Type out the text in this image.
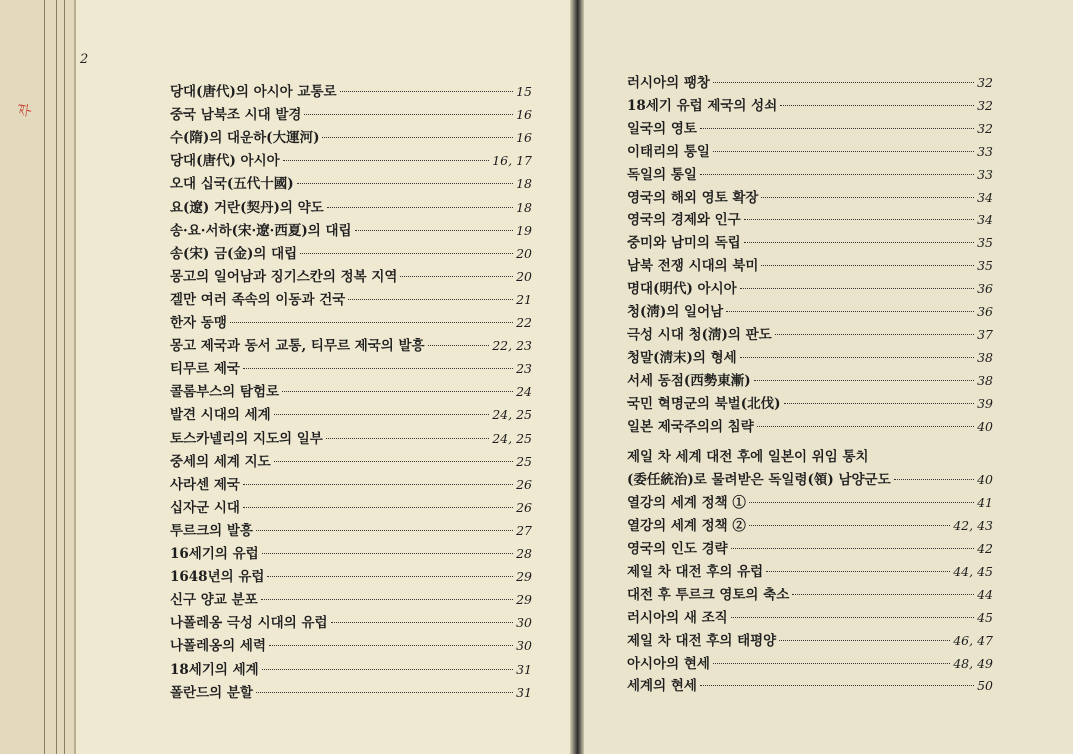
ᅎᅾ
2
당대(唐代)의 아시아 교통로	15
중국 남북조 시대 발경	16
수(隋)의 대운하(大運河)	16
당대(唐代) 아시아	16, 17
오대 십국(五代十國)	18
요(遼) 거란(契丹)의 약도	18
송·요·서하(宋·遼·西夏)의 대립	19
송(宋) 금(金)의 대립	20
몽고의 일어남과 징기스칸의 정복 지역	20
겔만 여러 족속의 이동과 건국	21
한자 동맹	22
몽고 제국과 동서 교통, 티무르 제국의 발흥	22, 23
티무르 제국	23
콜롬부스의 탐험로	24
발견 시대의 세계	24, 25
토스카넬리의 지도의 일부	24, 25
중세의 세계 지도	25
사라센 제국	26
십자군 시대	26
투르크의 발흥	27
16세기의 유럽	28
1648년의 유럽	29
신구 양교 분포	29
나폴레옹 극성 시대의 유럽	30
나폴레옹의 세력	30
18세기의 세계	31
폴란드의 분할	31
러시아의 팽창	32
18세기 유럽 제국의 성쇠	32
일국의 영토	32
이태리의 통일	33
독일의 통일	33
영국의 해외 영토 확장	34
영국의 경제와 인구	34
중미와 남미의 독립	35
남북 전쟁 시대의 북미	35
명대(明代) 아시아	36
청(淸)의 일어남	36
극성 시대 청(淸)의 판도	37
청말(淸末)의 형세	38
서세 동점(西勢東漸)	38
국민 혁명군의 북벌(北伐)	39
일본 제국주의의 침략	40
제일 차 세계 대전 후에 일본이 위임 통치
(委任統治)로 물려받은 독일령(領) 남양군도	40
열강의 세계 정책 ①	41
열강의 세계 정책 ②	42, 43
영국의 인도 경략	42
제일 차 대전 후의 유럽	44, 45
대전 후 투르크 영토의 축소	44
러시아의 새 조직	45
제일 차 대전 후의 태평양	46, 47
아시아의 현세	48, 49
세계의 현세	50
